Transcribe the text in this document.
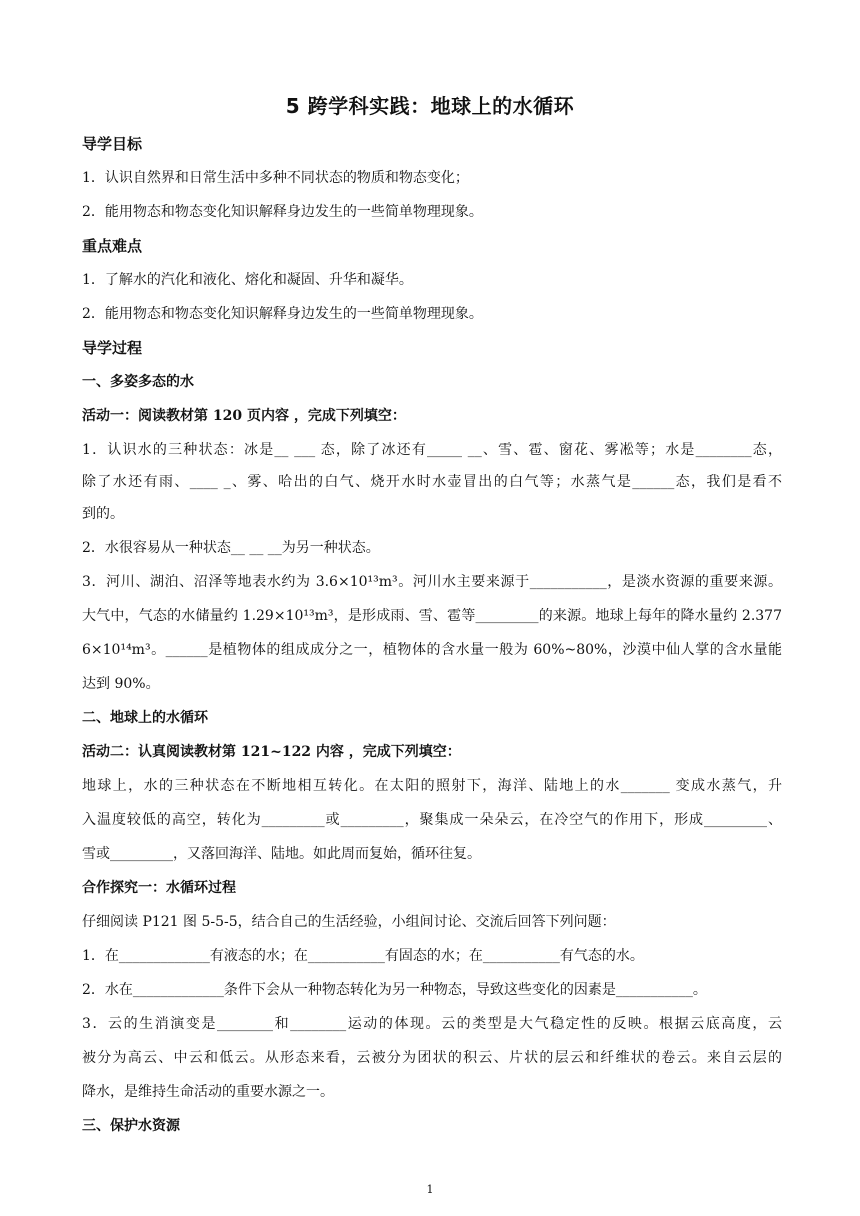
5 跨学科实践：地球上的水循环
导学目标
1．认识自然界和日常生活中多种不同状态的物质和物态变化；
2．能用物态和物态变化知识解释身边发生的一些简单物理现象。
重点难点
1．了解水的汽化和液化、熔化和凝固、升华和凝华。
2．能用物态和物态变化知识解释身边发生的一些简单物理现象。
导学过程
一、多姿多态的水
活动一：阅读教材第 120 页内容 ，完成下列填空：
1．认识水的三种状态：冰是__ ___ 态，除了冰还有_____ __、雪、雹、窗花、雾凇等；水是________态，
除了水还有雨、____ _、雾、哈出的白气、烧开水时水壶冒出的白气等；水蒸气是______态，我们是看不
到的。
2．水很容易从一种状态__ __ __为另一种状态。
3．河川、湖泊、沼泽等地表水约为 3.6×10¹³m³。河川水主要来源于___________，是淡水资源的重要来源。
大气中，气态的水储量约 1.29×10¹³m³，是形成雨、雪、雹等_________的来源。地球上每年的降水量约 2.377
6×10¹⁴m³。______是植物体的组成成分之一，植物体的含水量一般为 60%~80%，沙漠中仙人掌的含水量能
达到 90%。
二、地球上的水循环
活动二：认真阅读教材第 121~122 内容 ，完成下列填空：
地球上，水的三种状态在不断地相互转化。在太阳的照射下，海洋、陆地上的水_______ 变成水蒸气，升
入温度较低的高空，转化为_________或_________，聚集成一朵朵云，在冷空气的作用下，形成_________、
雪或_________，又落回海洋、陆地。如此周而复始，循环往复。
合作探究一：水循环过程
仔细阅读 P121 图 5-5-5，结合自己的生活经验，小组间讨论、交流后回答下列问题：
1．在_____________有液态的水；在___________有固态的水；在___________有气态的水。
2．水在_____________条件下会从一种物态转化为另一种物态，导致这些变化的因素是___________。
3．云的生消演变是________和________运动的体现。云的类型是大气稳定性的反映。根据云底高度，云
被分为高云、中云和低云。从形态来看，云被分为团状的积云、片状的层云和纤维状的卷云。来自云层的
降水，是维持生命活动的重要水源之一。
三、保护水资源
1
